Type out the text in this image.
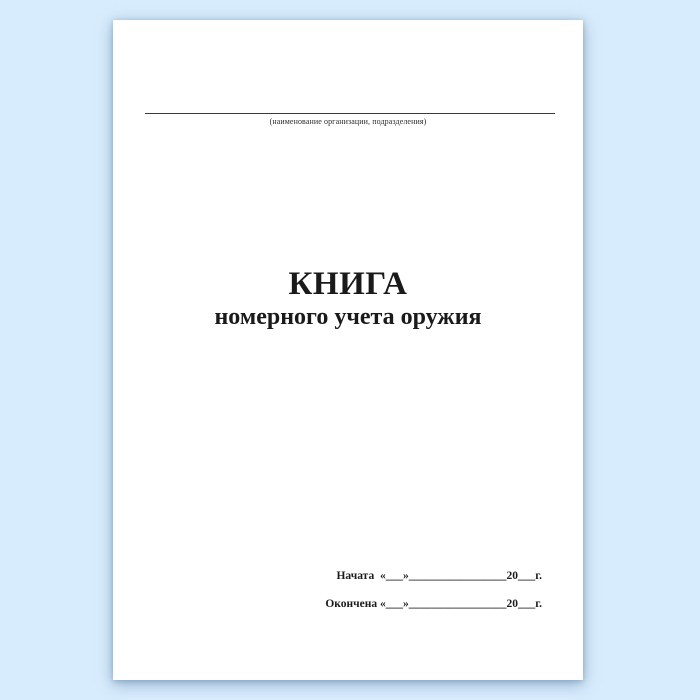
(наименование организации, подразделения)
КНИГА
номерного учета оружия
Начата  «___»_________________20___г.
Окончена «___»_________________20___г.
